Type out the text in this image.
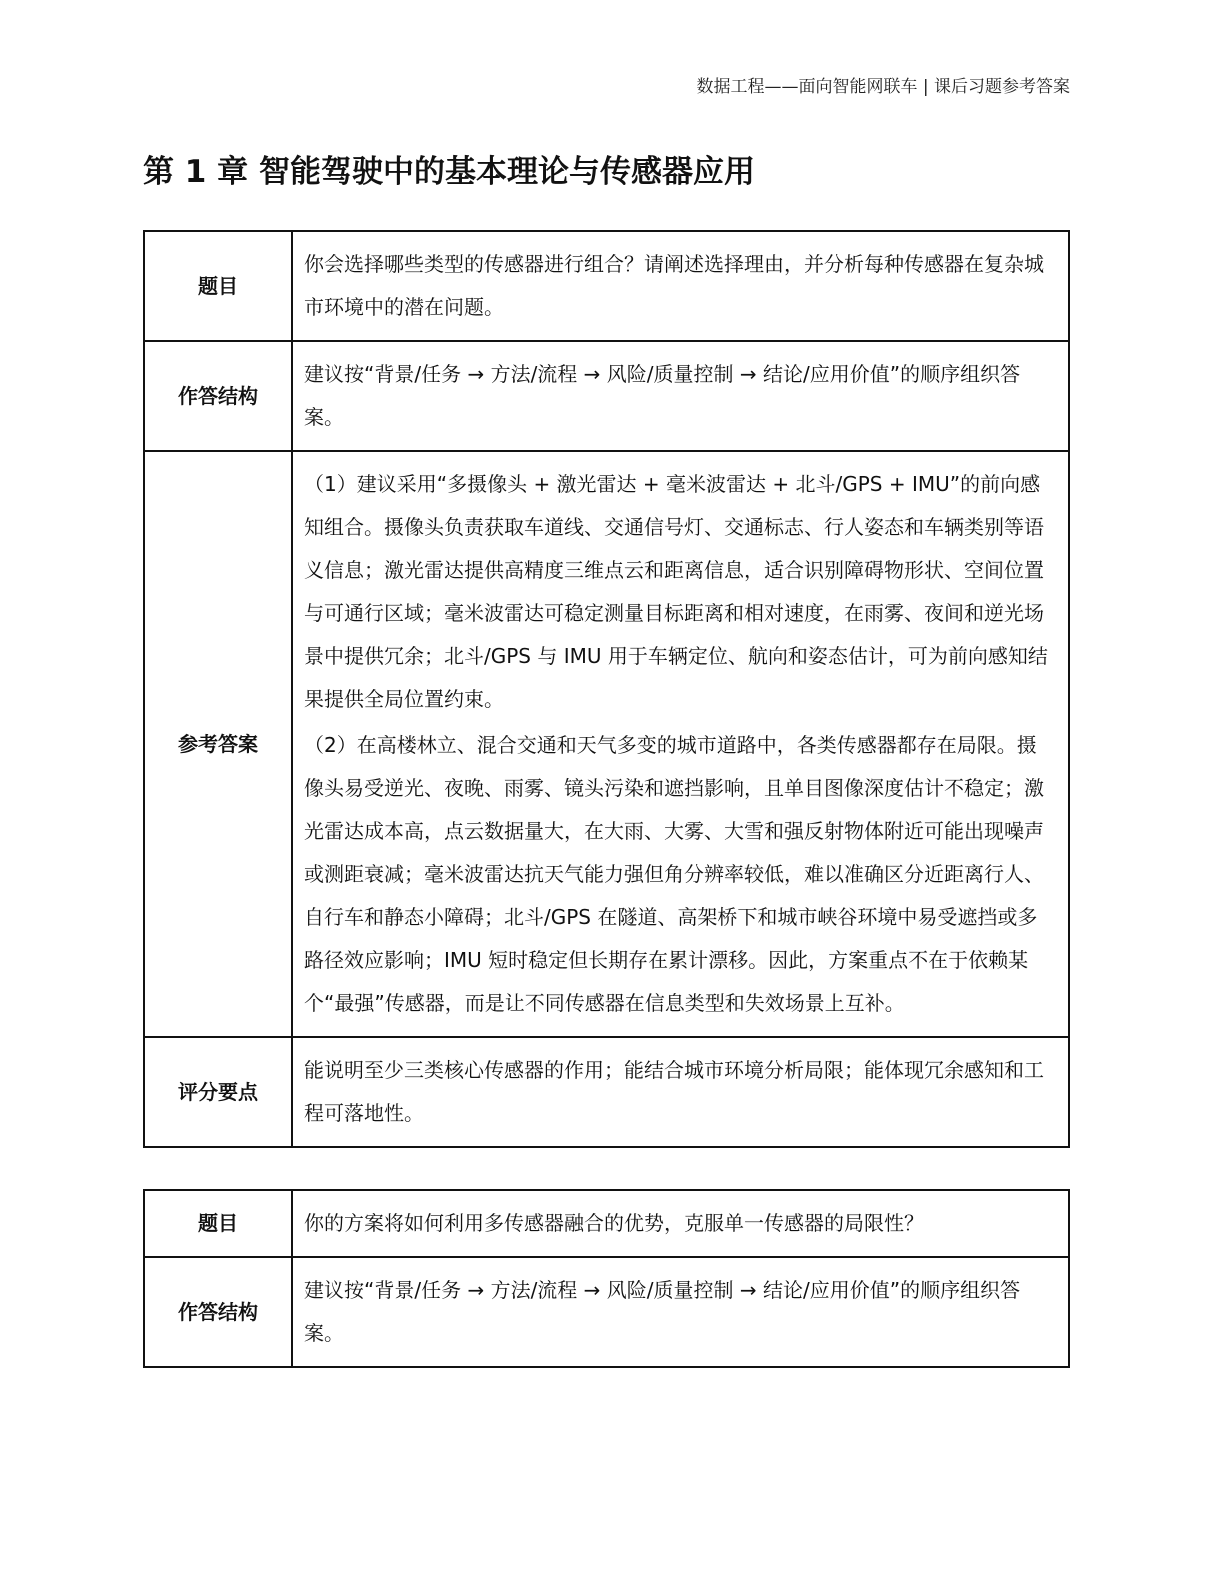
数据工程——面向智能网联车 | 课后习题参考答案
第 1 章 智能驾驶中的基本理论与传感器应用
题目	你会选择哪些类型的传感器进行组合？请阐述选择理由，并分析每种传感器在复杂城市环境中的潜在问题。

作答结构	建议按“背景/任务 → 方法/流程 → 风险/质量控制 → 结论/应用价值”的顺序组织答案。

参考答案	（1）建议采用“多摄像头 + 激光雷达 + 毫米波雷达 + 北斗/GPS + IMU”的前向感知组合。摄像头负责获取车道线、交通信号灯、交通标志、行人姿态和车辆类别等语义信息；激光雷达提供高精度三维点云和距离信息，适合识别障碍物形状、空间位置与可通行区域；毫米波雷达可稳定测量目标距离和相对速度，在雨雾、夜间和逆光场景中提供冗余；北斗/GPS 与 IMU 用于车辆定位、航向和姿态估计，可为前向感知结果提供全局位置约束。

（2）在高楼林立、混合交通和天气多变的城市道路中，各类传感器都存在局限。摄像头易受逆光、夜晚、雨雾、镜头污染和遮挡影响，且单目图像深度估计不稳定；激光雷达成本高，点云数据量大，在大雨、大雾、大雪和强反射物体附近可能出现噪声或测距衰减；毫米波雷达抗天气能力强但角分辨率较低，难以准确区分近距离行人、自行车和静态小障碍；北斗/GPS 在隧道、高架桥下和城市峡谷环境中易受遮挡或多路径效应影响；IMU 短时稳定但长期存在累计漂移。因此，方案重点不在于依赖某个“最强”传感器，而是让不同传感器在信息类型和失效场景上互补。

评分要点	能说明至少三类核心传感器的作用；能结合城市环境分析局限；能体现冗余感知和工程可落地性。

题目	你的方案将如何利用多传感器融合的优势，克服单一传感器的局限性？

作答结构	建议按“背景/任务 → 方法/流程 → 风险/质量控制 → 结论/应用价值”的顺序组织答案。
